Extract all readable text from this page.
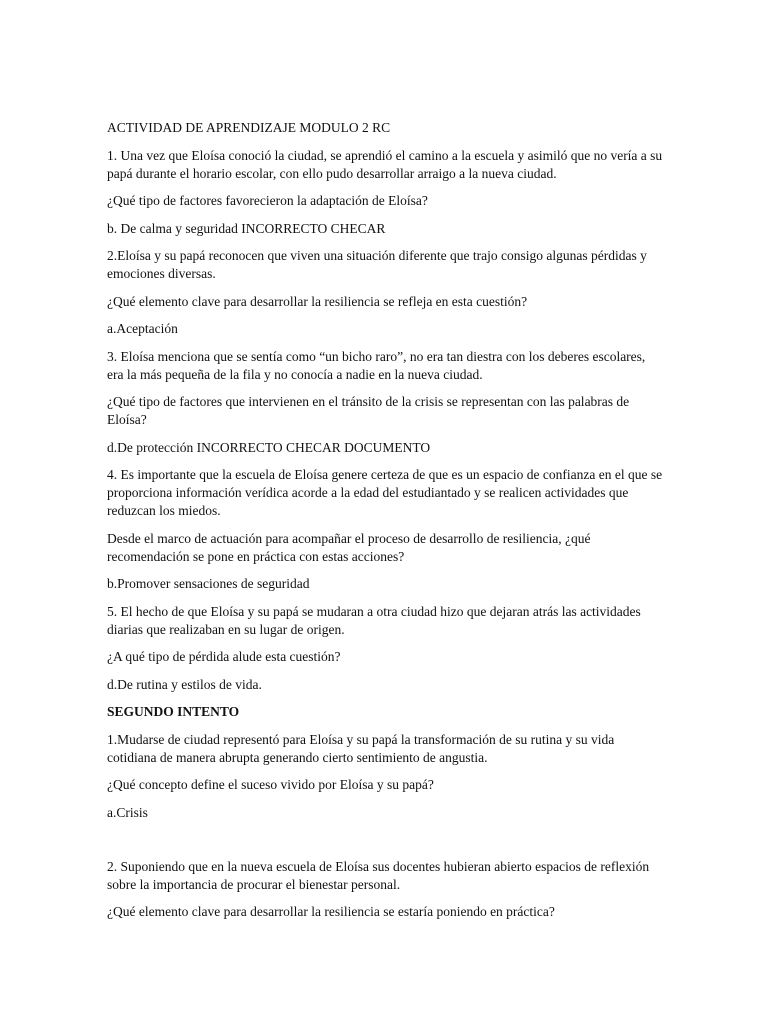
ACTIVIDAD DE APRENDIZAJE MODULO 2 RC

1. Una vez que Eloísa conoció la ciudad, se aprendió el camino a la escuela y asimiló que no vería a su papá durante el horario escolar, con ello pudo desarrollar arraigo a la nueva ciudad.

¿Qué tipo de factores favorecieron la adaptación de Eloísa?

b. De calma y seguridad INCORRECTO CHECAR

2.Eloísa y su papá reconocen que viven una situación diferente que trajo consigo algunas pérdidas y emociones diversas.

¿Qué elemento clave para desarrollar la resiliencia se refleja en esta cuestión?

a.Aceptación

3. Eloísa menciona que se sentía como “un bicho raro”, no era tan diestra con los deberes escolares, era la más pequeña de la fila y no conocía a nadie en la nueva ciudad.

¿Qué tipo de factores que intervienen en el tránsito de la crisis se representan con las palabras de Eloísa?

d.De protección INCORRECTO CHECAR DOCUMENTO

4. Es importante que la escuela de Eloísa genere certeza de que es un espacio de confianza en el que se proporciona información verídica acorde a la edad del estudiantado y se realicen actividades que reduzcan los miedos.

Desde el marco de actuación para acompañar el proceso de desarrollo de resiliencia, ¿qué recomendación se pone en práctica con estas acciones?

b.Promover sensaciones de seguridad

5. El hecho de que Eloísa y su papá se mudaran a otra ciudad hizo que dejaran atrás las actividades diarias que realizaban en su lugar de origen.

¿A qué tipo de pérdida alude esta cuestión?

d.De rutina y estilos de vida.

SEGUNDO INTENTO

1.Mudarse de ciudad representó para Eloísa y su papá la transformación de su rutina y su vida cotidiana de manera abrupta generando cierto sentimiento de angustia.

¿Qué concepto define el suceso vivido por Eloísa y su papá?

a.Crisis

2. Suponiendo que en la nueva escuela de Eloísa sus docentes hubieran abierto espacios de reflexión sobre la importancia de procurar el bienestar personal.

¿Qué elemento clave para desarrollar la resiliencia se estaría poniendo en práctica?
